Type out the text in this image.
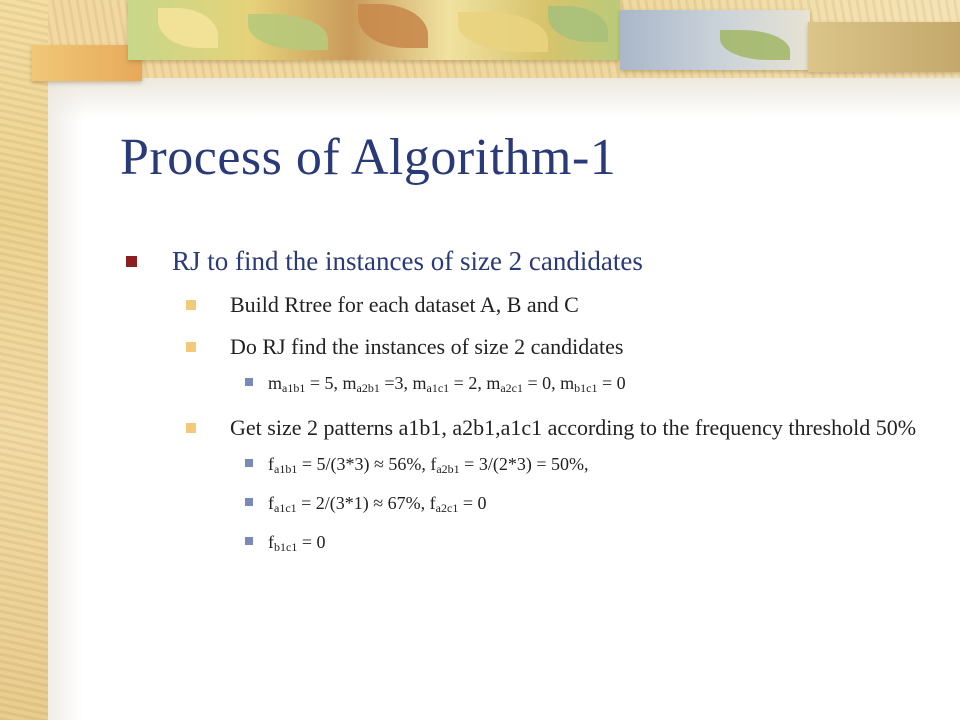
Process of Algorithm-1
RJ to find the instances of size 2 candidates
Build Rtree for each dataset A, B and C
Do RJ find the instances of size 2 candidates
$m_{a1b1} = 5$, $m_{a2b1} =3$, $m_{a1c1} = 2$, $m_{a2c1} = 0$, $m_{b1c1} = 0$
Get size 2 patterns a1b1, a2b1,a1c1 according to the frequency threshold 50%
$f_{a1b1} = 5/(3*3) \approx 56\%$, $f_{a2b1} = 3/(2*3) = 50\%$,
$f_{a1c1} = 2/(3*1) \approx 67\%$, $f_{a2c1} = 0$
$f_{b1c1} = 0$
